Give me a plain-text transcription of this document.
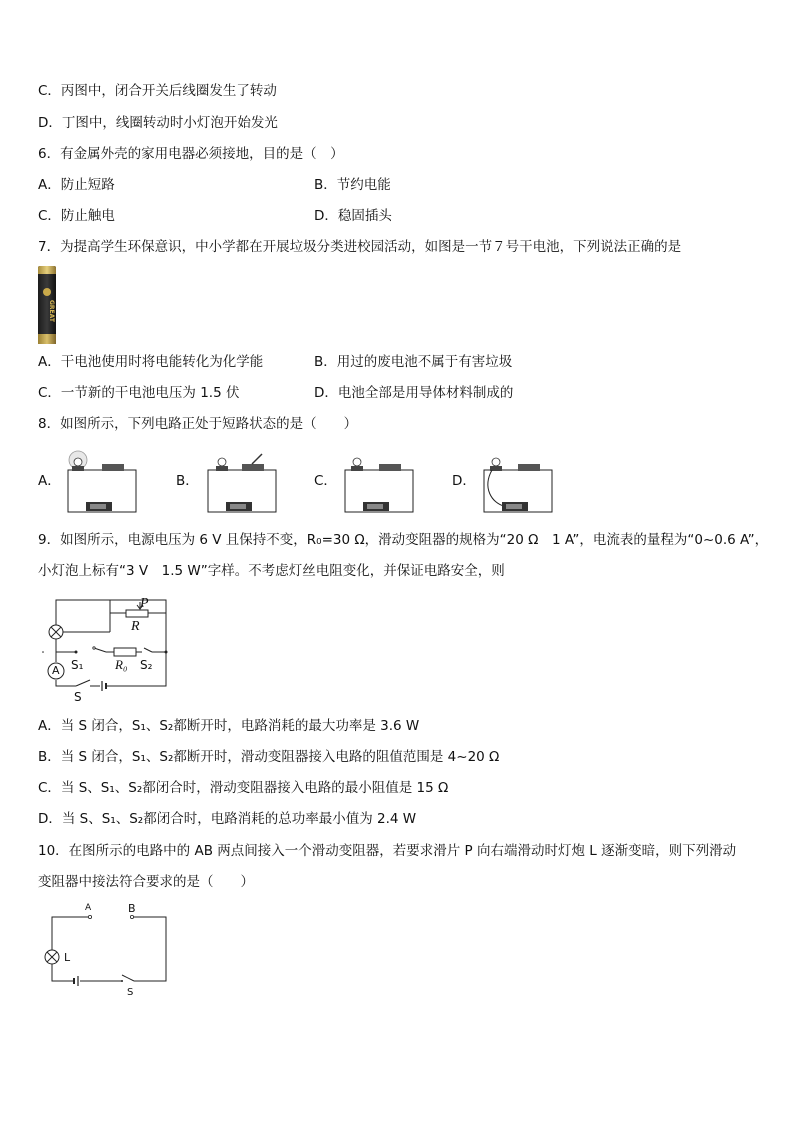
C．丙图中，闭合开关后线圈发生了转动
D．丁图中，线圈转动时小灯泡开始发光
6．有金属外壳的家用电器必须接地，目的是（　）
A．防止短路	B．节约电能
C．防止触电	D．稳固插头
7．为提高学生环保意识，中小学都在开展垃圾分类进校园活动，如图是一节７号干电池，下列说法正确的是
GREAT
A．干电池使用时将电能转化为化学能	B．用过的废电池不属于有害垃圾
C．一节新的干电池电压为 1.5 伏	D．电池全部是用导体材料制成的
8．如图所示，下列电路正处于短路状态的是（　　）
A．	B．	C．	D．
9．如图所示，电源电压为 6 V 且保持不变，R₀=30 Ω，滑动变阻器的规格为“20 Ω　1 A”，电流表的量程为“0~0.6 A”，
小灯泡上标有“3 V　1.5 W”字样。不考虑灯丝电阻变化，并保证电路安全，则
P
R
S₁ R₀ S₂
A
S
A．当 S 闭合，S₁、S₂都断开时，电路消耗的最大功率是 3.6 W
B．当 S 闭合，S₁、S₂都断开时，滑动变阻器接入电路的阻值范围是 4~20 Ω
C．当 S、S₁、S₂都闭合时，滑动变阻器接入电路的最小阻值是 15 Ω
D．当 S、S₁、S₂都闭合时，电路消耗的总功率最小值为 2.4 W
10．在图所示的电路中的 AB 两点间接入一个滑动变阻器，若要求滑片 P 向右端滑动时灯炮 L 逐渐变暗，则下列滑动
变阻器中接法符合要求的是（　　）
A	B
L
S
